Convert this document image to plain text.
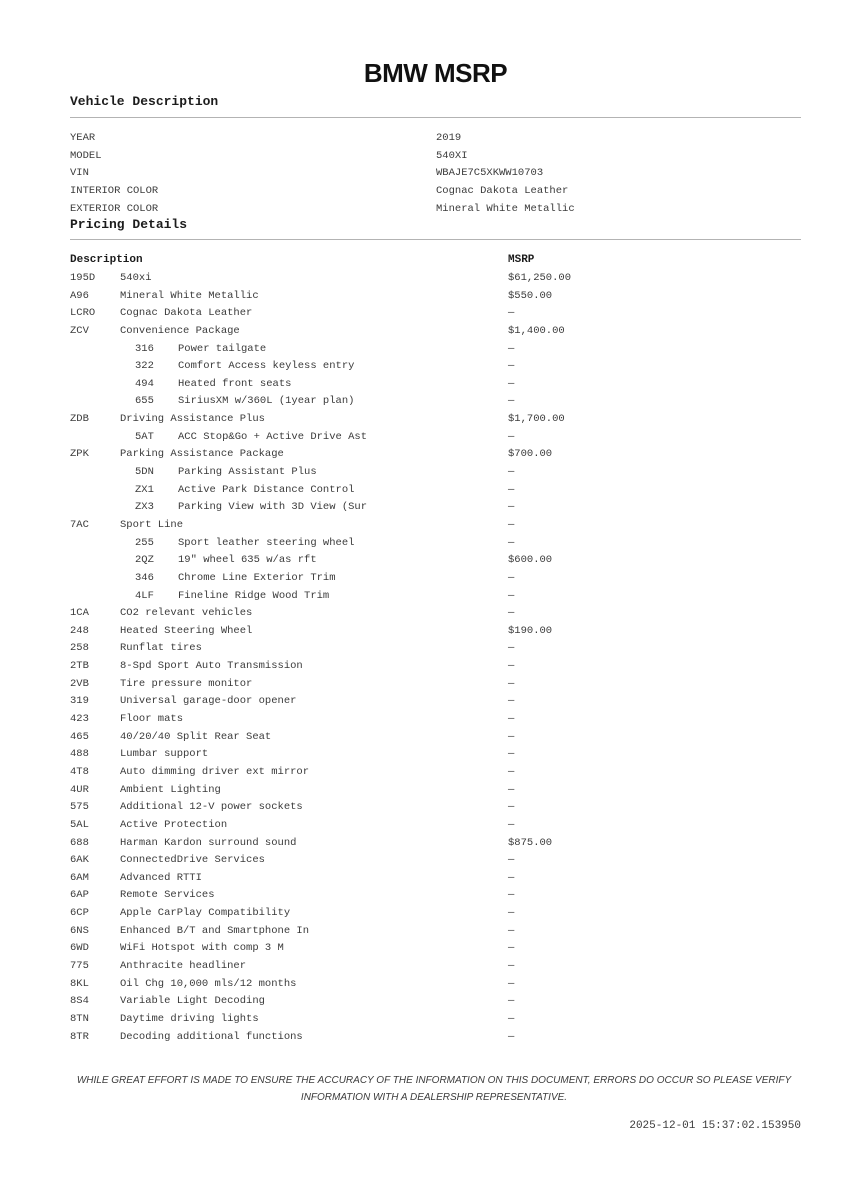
BMW MSRP
Vehicle Description
YEAR	2019
MODEL	540XI
VIN	WBAJE7C5XKWW10703
INTERIOR COLOR	Cognac Dakota Leather
EXTERIOR COLOR	Mineral White Metallic
Pricing Details
Description	MSRP
195D 540xi	$61,250.00
A96	Mineral White Metallic	$550.00
LCRO Cognac Dakota Leather	—
ZCV	Convenience Package	$1,400.00
316 Power tailgate	—
322 Comfort Access keyless entry	—
494 Heated front seats	—
655 SiriusXM w/360L (1year plan)	—
ZDB	Driving Assistance Plus	$1,700.00
5AT ACC Stop&Go + Active Drive Ast	—
ZPK	Parking Assistance Package	$700.00
5DN Parking Assistant Plus	—
ZX1 Active Park Distance Control	—
ZX3 Parking View with 3D View (Sur	—
7AC	Sport Line	—
255 Sport leather steering wheel	—
2QZ 19" wheel 635 w/as rft	$600.00
346 Chrome Line Exterior Trim	—
4LF Fineline Ridge Wood Trim	—
1CA	CO2 relevant vehicles	—
248	Heated Steering Wheel	$190.00
258	Runflat tires	—
2TB	8-Spd Sport Auto Transmission	—
2VB	Tire pressure monitor	—
319	Universal garage-door opener	—
423	Floor mats	—
465	40/20/40 Split Rear Seat	—
488	Lumbar support	—
4T8	Auto dimming driver ext mirror	—
4UR	Ambient Lighting	—
575	Additional 12-V power sockets	—
5AL	Active Protection	—
688	Harman Kardon surround sound	$875.00
6AK	ConnectedDrive Services	—
6AM	Advanced RTTI	—
6AP	Remote Services	—
6CP	Apple CarPlay Compatibility	—
6NS	Enhanced B/T and Smartphone In	—
6WD	WiFi Hotspot with comp 3 M	—
775	Anthracite headliner	—
8KL	Oil Chg 10,000 mls/12 months	—
8S4	Variable Light Decoding	—
8TN	Daytime driving lights	—
8TR	Decoding additional functions	—
WHILE GREAT EFFORT IS MADE TO ENSURE THE ACCURACY OF THE INFORMATION ON THIS DOCUMENT, ERRORS DO OCCUR SO PLEASE VERIFY INFORMATION WITH A DEALERSHIP REPRESENTATIVE.
2025-12-01 15:37:02.153950
